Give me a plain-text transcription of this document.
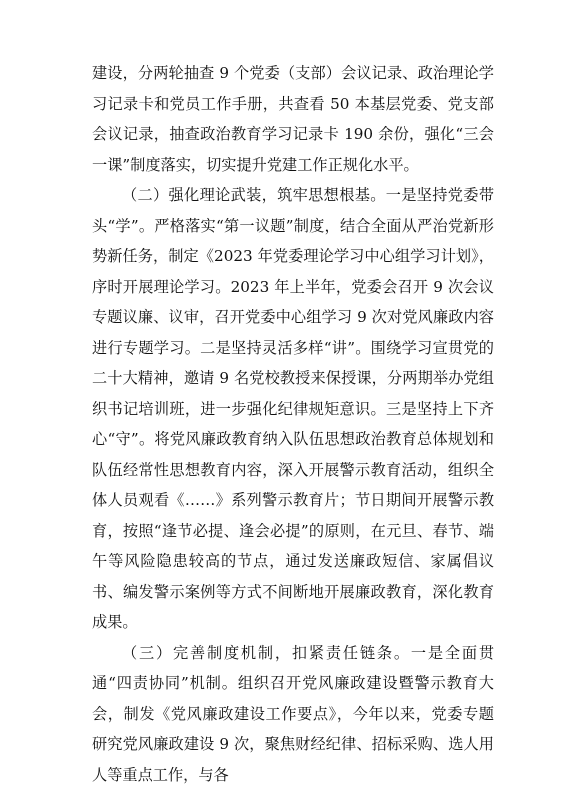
建设，分两轮抽查 9 个党委（支部）会议记录、政治理论学习记录卡和党员工作手册，共查看 50 本基层党委、党支部会议记录，抽查政治教育学习记录卡 190 余份，强化“三会一课”制度落实，切实提升党建工作正规化水平。

（二）强化理论武装，筑牢思想根基。一是坚持党委带头“学”。严格落实“第一议题”制度，结合全面从严治党新形势新任务，制定《2023 年党委理论学习中心组学习计划》，序时开展理论学习。2023 年上半年，党委会召开 9 次会议专题议廉、议审，召开党委中心组学习 9 次对党风廉政内容进行专题学习。二是坚持灵活多样“讲”。围绕学习宣贯党的二十大精神，邀请 9 名党校教授来保授课，分两期举办党组织书记培训班，进一步强化纪律规矩意识。三是坚持上下齐心“守”。将党风廉政教育纳入队伍思想政治教育总体规划和队伍经常性思想教育内容，深入开展警示教育活动，组织全体人员观看《……》系列警示教育片；节日期间开展警示教育，按照“逢节必提、逢会必提”的原则，在元旦、春节、端午等风险隐患较高的节点，通过发送廉政短信、家属倡议书、编发警示案例等方式不间断地开展廉政教育，深化教育成果。

（三）完善制度机制，扣紧责任链条。一是全面贯通“四责协同”机制。组织召开党风廉政建设暨警示教育大会，制发《党风廉政建设工作要点》，今年以来，党委专题研究党风廉政建设 9 次，聚焦财经纪律、招标采购、选人用人等重点工作，与各
